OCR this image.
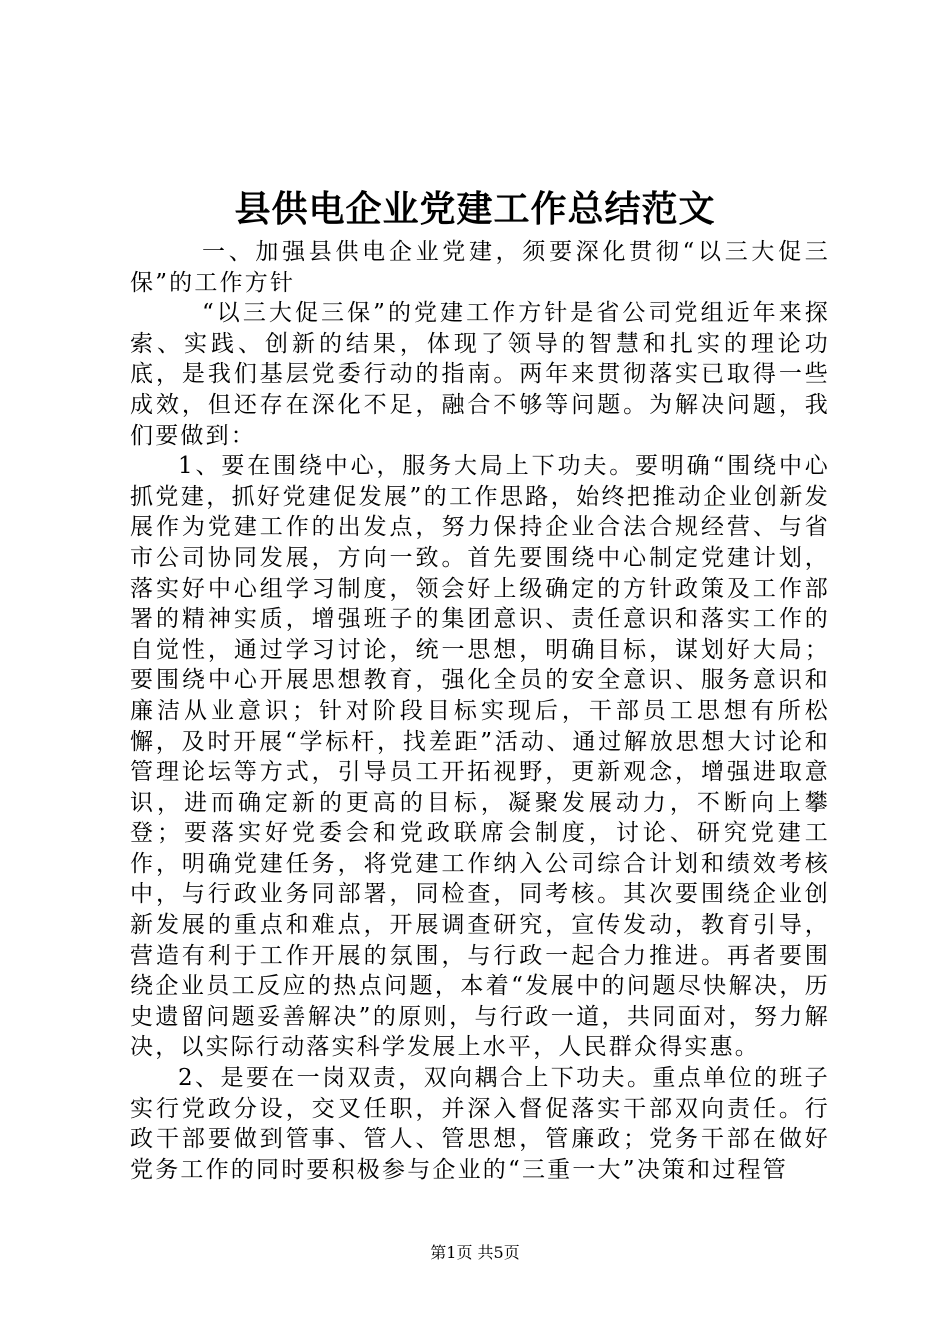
县供电企业党建工作总结范文

一、加强县供电企业党建，须要深化贯彻“以三大促三保”的工作方针

“以三大促三保”的党建工作方针是省公司党组近年来探索、实践、创新的结果，体现了领导的智慧和扎实的理论功底，是我们基层党委行动的指南。两年来贯彻落实已取得一些成效，但还存在深化不足，融合不够等问题。为解决问题，我们要做到：

1、要在围绕中心，服务大局上下功夫。要明确“围绕中心抓党建，抓好党建促发展”的工作思路，始终把推动企业创新发展作为党建工作的出发点，努力保持企业合法合规经营、与省市公司协同发展，方向一致。首先要围绕中心制定党建计划，落实好中心组学习制度，领会好上级确定的方针政策及工作部署的精神实质，增强班子的集团意识、责任意识和落实工作的自觉性，通过学习讨论，统一思想，明确目标，谋划好大局；要围绕中心开展思想教育，强化全员的安全意识、服务意识和廉洁从业意识；针对阶段目标实现后，干部员工思想有所松懈，及时开展“学标杆，找差距”活动、通过解放思想大讨论和管理论坛等方式，引导员工开拓视野，更新观念，增强进取意识，进而确定新的更高的目标，凝聚发展动力，不断向上攀登；要落实好党委会和党政联席会制度，讨论、研究党建工作，明确党建任务，将党建工作纳入公司综合计划和绩效考核中，与行政业务同部署，同检查，同考核。其次要围绕企业创新发展的重点和难点，开展调查研究，宣传发动，教育引导，营造有利于工作开展的氛围，与行政一起合力推进。再者要围绕企业员工反应的热点问题，本着“发展中的问题尽快解决，历史遗留问题妥善解决”的原则，与行政一道，共同面对，努力解决，以实际行动落实科学发展上水平，人民群众得实惠。

2、是要在一岗双责，双向耦合上下功夫。重点单位的班子实行党政分设，交叉任职，并深入督促落实干部双向责任。行政干部要做到管事、管人、管思想，管廉政；党务干部在做好党务工作的同时要积极参与企业的“三重一大”决策和过程管

第1页 共5页
